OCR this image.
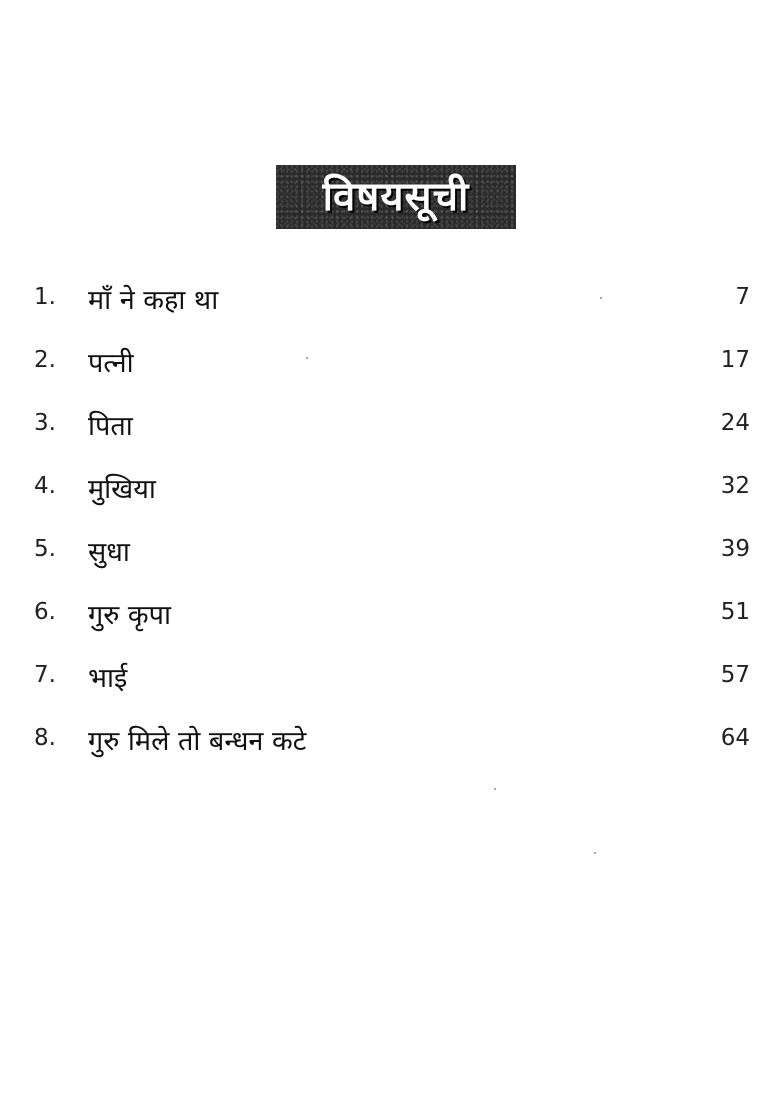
विषयसूची
1. माँ ने कहा था	7
2. पत्नी	17
3. पिता	24
4. मुखिया	32
5. सुधा	39
6. गुरु कृपा	51
7. भाई	57
8. गुरु मिले तो बन्धन कटे	64
